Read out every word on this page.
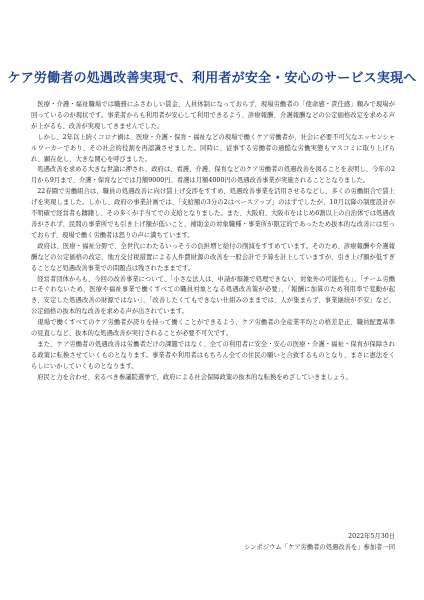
ケア労働者の処遇改善実現で、利用者が安全・安心のサービス実現へ

医療・介護・福祉職場では職務にふさわしい賃金、人員体制になっておらず、現場労働者の「使命感・責任感」頼みで現場が回っているのが現状です。事業者からも利用者が安心して利用できるよう、診療報酬、介護報酬などの公定価格改定を求める声が上がるも、改善が実現してきませんでした。

しかし、2年以上続くコロナ禍は、医療・介護・保育・福祉などの現場で働くケア労働者が、社会に必要不可欠なエッセンシャルワーカーであり、その社会的役割を再認識させました。同時に、従事する労働者の過酷な労働実態もマスコミに取り上げられ、顕在化し、大きな関心を呼びました。

処遇改善を求める大きな世論に押され、政府は、看護、介護、保育などのケア労働者の処遇改善を図ることを表明し、今年の2月から9月まで、介護・保育などでは月額9000円、看護は月額4000円の処遇改善事業が実施されることとなりました。

22春闘で労働組合は、職員の処遇改善に向け賃上げ交渉をすすめ、処遇改善事業を活用させるなどし、多くの労働組合で賃上げを実現しました。しかし、政府の事業計画では、「支給額の3分の2はベースアップ」のはずでしたが、10月以降の制度設計が不明確で経営者も躊躇し、その多くが手当てでの支給となりました。また、大阪府、大阪市をはじめ6割以上の自治体では処遇改善がされず、民間の事業所でも引き上げ額が低いこと、補助金の対象職種・事業所が限定的であったため抜本的な改善には至っておらず、現場で働く労働者は怒りの声に満ちています。

政府は、医療・福祉分野で、全世代にわたるいっそうの負担増と給付の削減をすすめています。そのため、診療報酬や介護報酬などの公定価格の改定、地方交付税措置による人件費財源の改善を一般会計で予算を計上していますが、引き上げ額が低すぎることなど処遇改善事業での問題点は残されたままです。

経営者団体からも、今回の改善事業について、「小さな法人は、申請が煩雑で処理できない、対象外の可能性も」、「チーム労働にそぐわないため、医療や福祉事業で働くすべての職員対象となる処遇改善策が必要」、「報酬に加算のため利用率で変動が起き、安定した処遇改善の財源ではない」、「改善したくてもできない仕組みのままでは、人が集まらず、事業継続が不安」など、公定価格の抜本的な改善を求める声が出されています。

現場で働くすべてのケア労働者が誇りを持って働くことができるよう、ケア労働者の全産業平均との格差是正、職員配置基準の見直しなど、抜本的な処遇改善が実行されることが必要不可欠です。

また、ケア労働者の処遇改善は労働者だけの課題ではなく、全ての利用者に安全・安心の医療・介護・福祉・保育が保障される政策に転換させていくものとなります。事業者や利用者はもちろん全ての住民の願いと合致するものとなり、まさに憲法をくらしにいかしていくものとなります。

府民と力を合わせ、来るべき参議院選挙で、政府による社会保障政策の抜本的な転換をめざしていきましょう。

2022年5月30日
シンポジウム「ケア労働者の処遇改善を」参加者一同
